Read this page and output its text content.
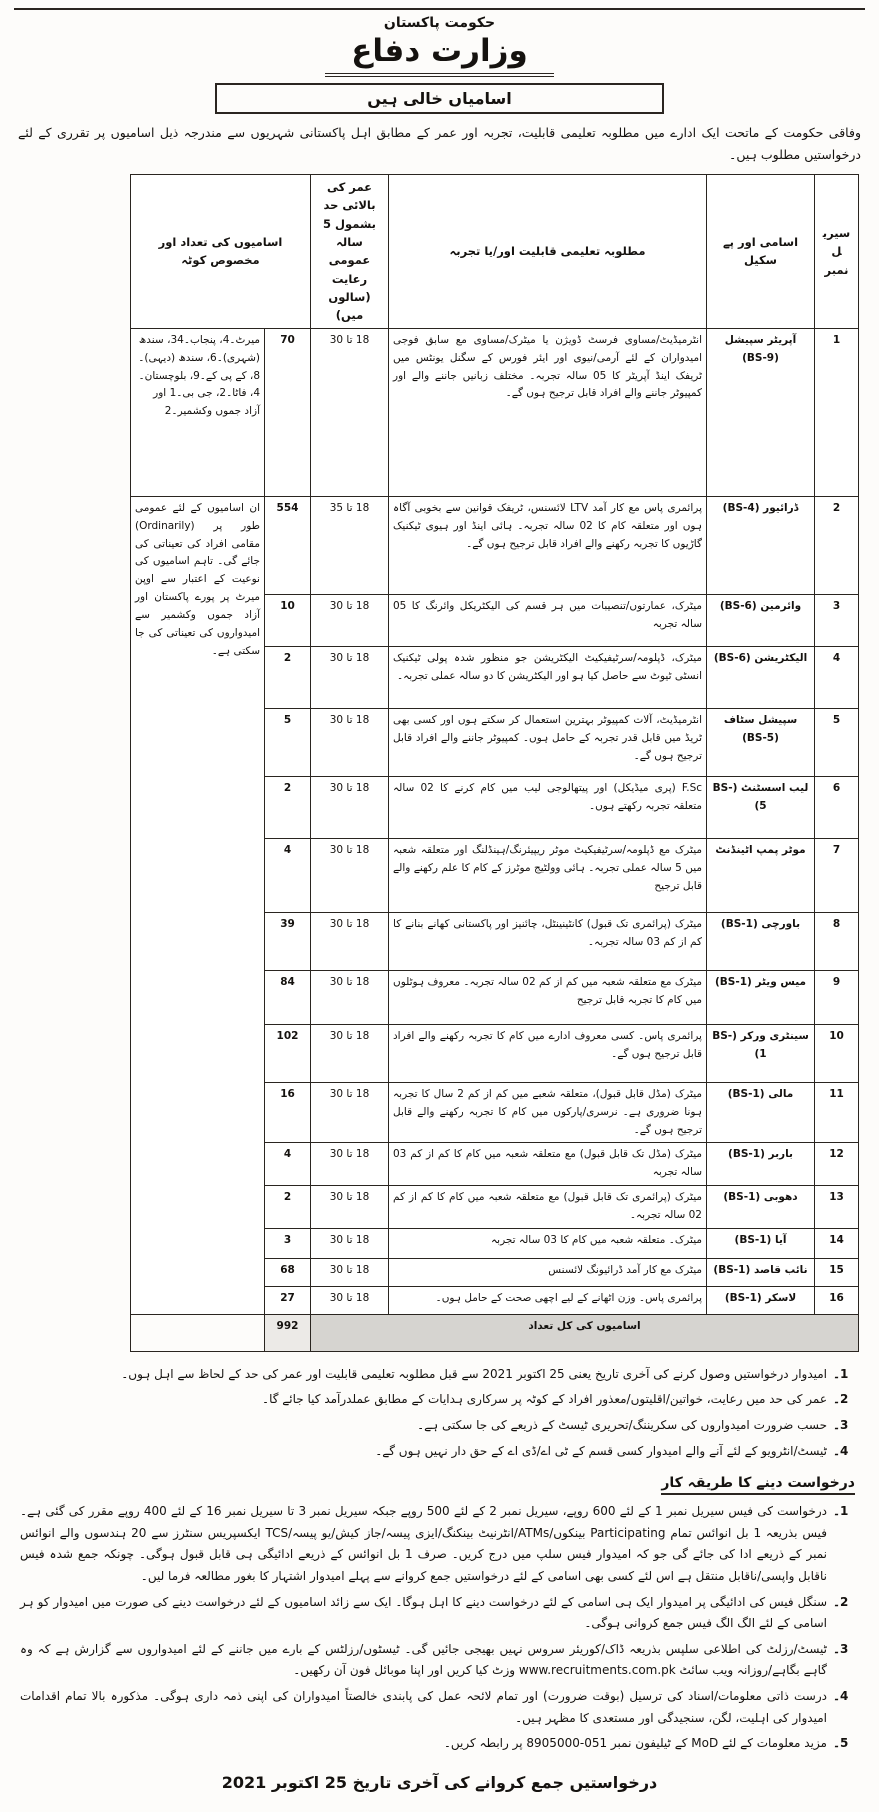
حکومت پاکستان
وزارت دفاع
اسامیاں خالی ہیں
وفاقی حکومت کے ماتحت ایک ادارے میں مطلوبہ تعلیمی قابلیت، تجربہ اور عمر کے مطابق اہل پاکستانی شہریوں سے مندرجہ ذیل اسامیوں پر تقرری کے لئے درخواستیں مطلوب ہیں۔
سیریل نمبر	اسامی اور پے سکیل	مطلوبہ تعلیمی قابلیت اور/یا تجربہ	عمر کی بالائی حد بشمول 5 سالہ عمومی رعایت (سالوں میں)	اسامیوں کی تعداد اور مخصوص کوٹہ	
1	آپریٹر سپیشل (BS-9)	انٹرمیڈیٹ/مساوی فرسٹ ڈویژن یا میٹرک/مساوی مع سابق فوجی امیدواران کے لئے آرمی/نیوی اور ایئر فورس کے سگنل یونٹس میں ٹریفک اینڈ آپریٹر کا 05 سالہ تجربہ۔ مختلف زبانیں جاننے والے اور کمپیوٹر جاننے والے افراد قابل ترجیح ہوں گے۔	18 تا 30	70	میرٹ۔4، پنجاب۔34، سندھ (شہری)۔6، سندھ (دیہی)۔8، کے پی کے۔9، بلوچستان۔4، فاٹا۔2، جی بی۔1 اور آزاد جموں وکشمیر۔2
2	ڈرائیور (BS-4)	پرائمری پاس مع کار آمد LTV لائسنس، ٹریفک قوانین سے بخوبی آگاہ ہوں اور متعلقہ کام کا 02 سالہ تجربہ۔ ہائی اینڈ اور ہیوی ٹیکنیک گاڑیوں کا تجربہ رکھنے والے افراد قابل ترجیح ہوں گے۔	18 تا 35	554	ان اسامیوں کے لئے عمومی طور پر (Ordinarily) مقامی افراد کی تعیناتی کی جائے گی۔ تاہم اسامیوں کی نوعیت کے اعتبار سے اوپن میرٹ پر پورے پاکستان اور آزاد جموں وکشمیر سے امیدواروں کی تعیناتی کی جا سکتی ہے۔
3	وائرمین (BS-6)	میٹرک، عمارتوں/تنصیبات میں ہر قسم کی الیکٹریکل وائرنگ کا 05 سالہ تجربہ	18 تا 30	10	
4	الیکٹریشن (BS-6)	میٹرک، ڈپلومہ/سرٹیفیکیٹ الیکٹریشن جو منظور شدہ پولی ٹیکنیک انسٹی ٹیوٹ سے حاصل کیا ہو اور الیکٹریشن کا دو سالہ عملی تجربہ۔	18 تا 30	2	
5	سپیشل سٹاف (BS-5)	انٹرمیڈیٹ، آلات کمپیوٹر بہترین استعمال کر سکتے ہوں اور کسی بھی ٹریڈ میں قابل قدر تجربہ کے حامل ہوں۔ کمپیوٹر جاننے والے افراد قابل ترجیح ہوں گے۔	18 تا 30	5	
6	لیب اسسٹنٹ (BS-5)	F.Sc (پری میڈیکل) اور پیتھالوجی لیب میں کام کرنے کا 02 سالہ متعلقہ تجربہ رکھتے ہوں۔	18 تا 30	2	
7	موٹر پمپ اٹینڈنٹ	میٹرک مع ڈپلومہ/سرٹیفیکیٹ موٹر ریپیئرنگ/ہینڈلنگ اور متعلقہ شعبہ میں 5 سالہ عملی تجربہ۔ ہائی وولٹیج موٹرز کے کام کا علم رکھنے والے قابل ترجیح	18 تا 30	4	
8	باورچی (BS-1)	میٹرک (پرائمری تک قبول) کانٹینینٹل، چائنیز اور پاکستانی کھانے بنانے کا کم از کم 03 سالہ تجربہ۔	18 تا 30	39	
9	میس ویٹر (BS-1)	میٹرک مع متعلقہ شعبہ میں کم از کم 02 سالہ تجربہ۔ معروف ہوٹلوں میں کام کا تجربہ قابل ترجیح	18 تا 30	84	
10	سینٹری ورکر (BS-1)	پرائمری پاس۔ کسی معروف ادارے میں کام کا تجربہ رکھنے والے افراد قابل ترجیح ہوں گے۔	18 تا 30	102	
11	مالی (BS-1)	میٹرک (مڈل قابل قبول)، متعلقہ شعبے میں کم از کم 2 سال کا تجربہ ہونا ضروری ہے۔ نرسری/پارکوں میں کام کا تجربہ رکھنے والے قابل ترجیح ہوں گے۔	18 تا 30	16	
12	باربر (BS-1)	میٹرک (مڈل تک قابل قبول) مع متعلقہ شعبہ میں کام کا کم از کم 03 سالہ تجربہ	18 تا 30	4	
13	دھوبی (BS-1)	میٹرک (پرائمری تک قابل قبول) مع متعلقہ شعبہ میں کام کا کم از کم 02 سالہ تجربہ۔	18 تا 30	2	
14	آیا (BS-1)	میٹرک۔ متعلقہ شعبہ میں کام کا 03 سالہ تجربہ	18 تا 30	3	
15	نائب قاصد (BS-1)	میٹرک مع کار آمد ڈرائیونگ لائسنس	18 تا 30	68	
16	لاسکر (BS-1)	پرائمری پاس۔ وزن اٹھانے کے لیے اچھی صحت کے حامل ہوں۔	18 تا 30	27	
اسامیوں کی کل تعداد				992	
1۔
امیدوار درخواستیں وصول کرنے کی آخری تاریخ یعنی 25 اکتوبر 2021 سے قبل مطلوبہ تعلیمی قابلیت اور عمر کی حد کے لحاظ سے اہل ہوں۔
2۔
عمر کی حد میں رعایت، خواتین/اقلیتوں/معذور افراد کے کوٹہ پر سرکاری ہدایات کے مطابق عملدرآمد کیا جائے گا۔
3۔
حسب ضرورت امیدواروں کی سکریننگ/تحریری ٹیسٹ کے ذریعے کی جا سکتی ہے۔
4۔
ٹیسٹ/انٹرویو کے لئے آنے والے امیدوار کسی قسم کے ٹی اے/ڈی اے کے حق دار نہیں ہوں گے۔
درخواست دینے کا طریقہ کار
1۔
درخواست کی فیس سیریل نمبر 1 کے لئے 600 روپے، سیریل نمبر 2 کے لئے 500 روپے جبکہ سیریل نمبر 3 تا سیریل نمبر 16 کے لئے 400 روپے مقرر کی گئی ہے۔ فیس بذریعہ 1 بل انوائس تمام Participating بینکوں/ATMs/انٹرنیٹ بینکنگ/ایزی پیسہ/جاز کیش/یو پیسہ/TCS ایکسپریس سنٹرز سے 20 ہندسوں والے انوائس نمبر کے ذریعے ادا کی جائے گی جو کہ امیدوار فیس سلپ میں درج کریں۔ صرف 1 بل انوائس کے ذریعے ادائیگی ہی قابل قبول ہوگی۔ چونکہ جمع شدہ فیس ناقابل واپسی/ناقابل منتقل ہے اس لئے کسی بھی اسامی کے لئے درخواستیں جمع کروانے سے پہلے امیدوار اشتہار کا بغور مطالعہ فرما لیں۔
2۔
سنگل فیس کی ادائیگی پر امیدوار ایک ہی اسامی کے لئے درخواست دینے کا اہل ہوگا۔ ایک سے زائد اسامیوں کے لئے درخواست دینے کی صورت میں امیدوار کو ہر اسامی کے لئے الگ الگ فیس جمع کروانی ہوگی۔
3۔
ٹیسٹ/رزلٹ کی اطلاعی سلپس بذریعہ ڈاک/کوریئر سروس نہیں بھیجی جائیں گی۔ ٹیسٹوں/رزلٹس کے بارے میں جاننے کے لئے امیدواروں سے گزارش ہے کہ وہ گاہے بگاہے/روزانہ ویب سائٹ www.recruitments.com.pk وزٹ کیا کریں اور اپنا موبائل فون آن رکھیں۔
4۔
درست ذاتی معلومات/اسناد کی ترسیل (بوقت ضرورت) اور تمام لائحہ عمل کی پابندی خالصتاً امیدواران کی اپنی ذمہ داری ہوگی۔ مذکورہ بالا تمام اقدامات امیدوار کی اہلیت، لگن، سنجیدگی اور مستعدی کا مظہر ہیں۔
5۔
مزید معلومات کے لئے MoD کے ٹیلیفون نمبر 051-8905000 پر رابطہ کریں۔
درخواستیں جمع کروانے کی آخری تاریخ 25 اکتوبر 2021
